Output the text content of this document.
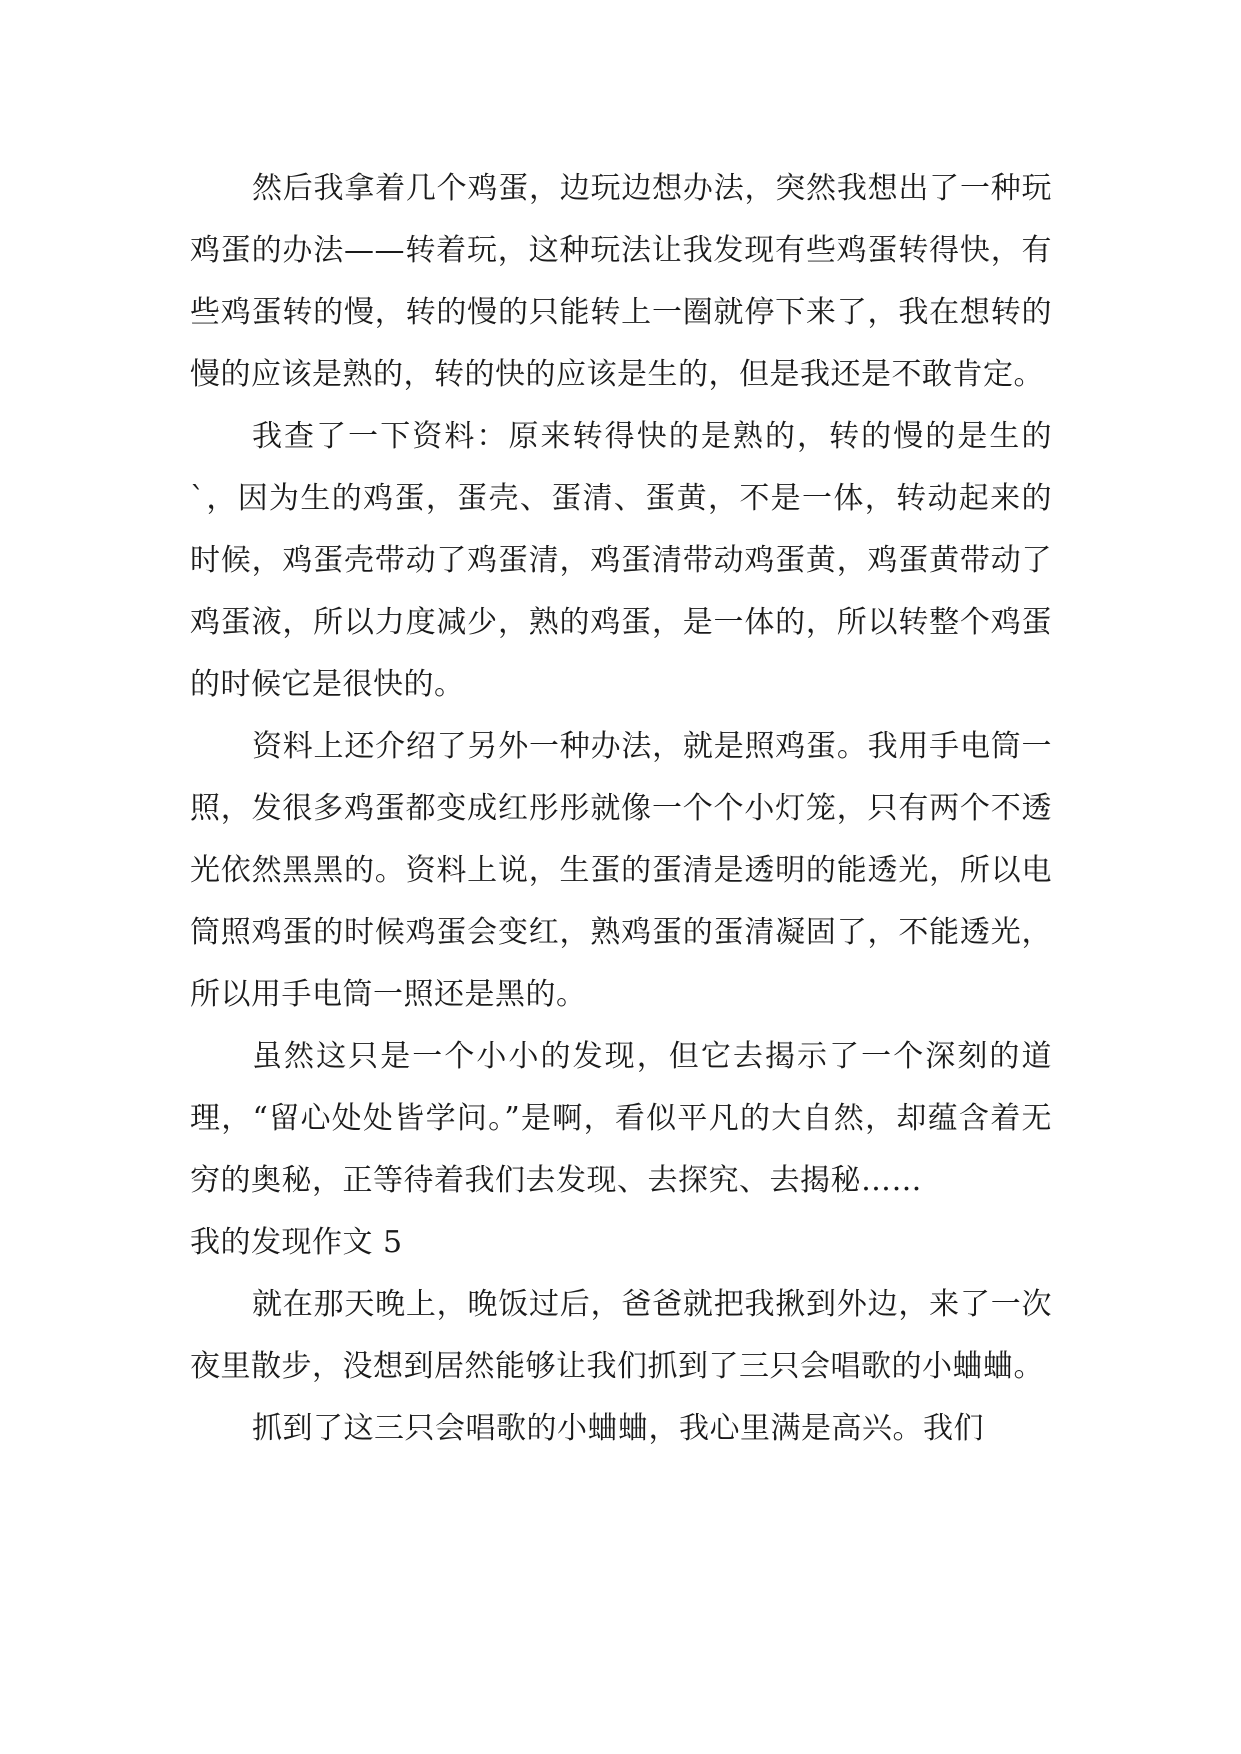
然后我拿着几个鸡蛋，边玩边想办法，突然我想出了一种玩鸡蛋的办法——转着玩，这种玩法让我发现有些鸡蛋转得快，有些鸡蛋转的慢，转的慢的只能转上一圈就停下来了，我在想转的慢的应该是熟的，转的快的应该是生的，但是我还是不敢肯定。

我查了一下资料：原来转得快的是熟的，转的慢的是生的`，因为生的鸡蛋，蛋壳、蛋清、蛋黄，不是一体，转动起来的时候，鸡蛋壳带动了鸡蛋清，鸡蛋清带动鸡蛋黄，鸡蛋黄带动了鸡蛋液，所以力度减少，熟的鸡蛋，是一体的，所以转整个鸡蛋的时候它是很快的。

资料上还介绍了另外一种办法，就是照鸡蛋。我用手电筒一照，发很多鸡蛋都变成红彤彤就像一个个小灯笼，只有两个不透光依然黑黑的。资料上说，生蛋的蛋清是透明的能透光，所以电筒照鸡蛋的时候鸡蛋会变红，熟鸡蛋的蛋清凝固了，不能透光，所以用手电筒一照还是黑的。

虽然这只是一个小小的发现，但它去揭示了一个深刻的道理，“留心处处皆学问。”是啊，看似平凡的大自然，却蕴含着无穷的奥秘，正等待着我们去发现、去探究、去揭秘……

我的发现作文 5

就在那天晚上，晚饭过后，爸爸就把我揪到外边，来了一次夜里散步，没想到居然能够让我们抓到了三只会唱歌的小蛐蛐。

抓到了这三只会唱歌的小蛐蛐，我心里满是高兴。我们
